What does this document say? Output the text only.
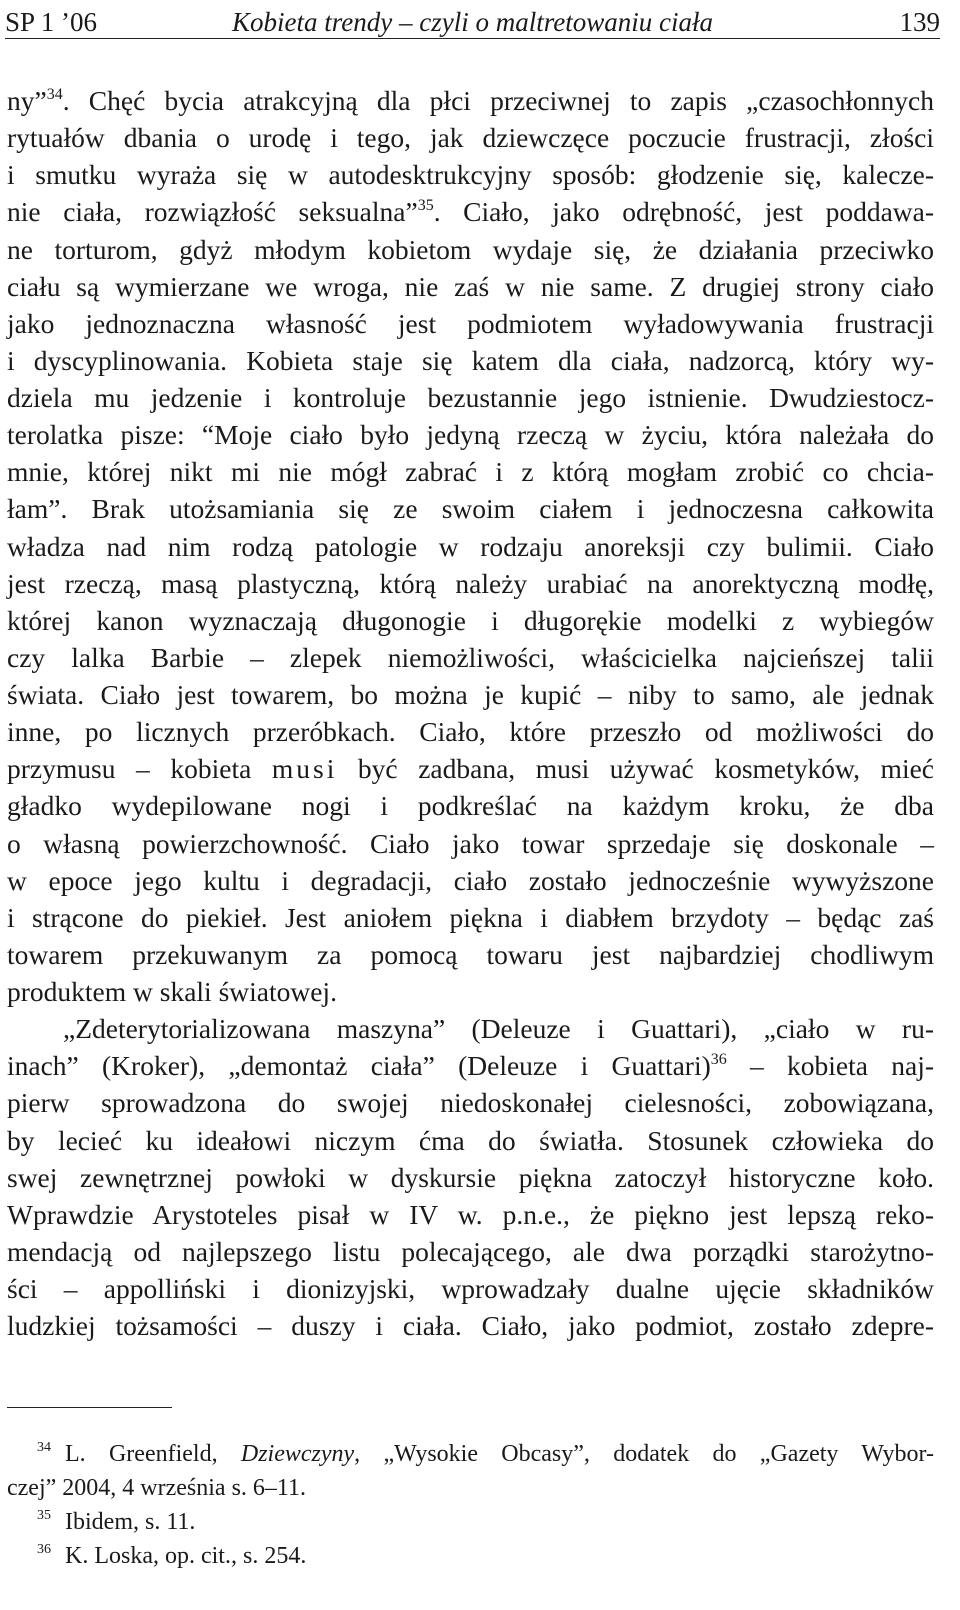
SP 1 ’06	Kobieta trendy – czyli o maltretowaniu ciała	139
ny”$^{34}$. Chęć bycia atrakcyjną dla płci przeciwnej to zapis „czasochłonnych
rytuałów dbania o urodę i tego, jak dziewczęce poczucie frustracji, złości
i smutku wyraża się w autodesktrukcyjny sposób: głodzenie się, kalecze-
nie ciała, rozwiązłość seksualna”$^{35}$. Ciało, jako odrębność, jest poddawa-
ne torturom, gdyż młodym kobietom wydaje się, że działania przeciwko
ciału są wymierzane we wroga, nie zaś w nie same. Z drugiej strony ciało
jako jednoznaczna własność jest podmiotem wyładowywania frustracji
i dyscyplinowania. Kobieta staje się katem dla ciała, nadzorcą, który wy-
dziela mu jedzenie i kontroluje bezustannie jego istnienie. Dwudziestocz-
terolatka pisze: “Moje ciało było jedyną rzeczą w życiu, która należała do
mnie, której nikt mi nie mógł zabrać i z którą mogłam zrobić co chcia-
łam”. Brak utożsamiania się ze swoim ciałem i jednoczesna całkowita
władza nad nim rodzą patologie w rodzaju anoreksji czy bulimii. Ciało
jest rzeczą, masą plastyczną, którą należy urabiać na anorektyczną modłę,
której kanon wyznaczają długonogie i długorękie modelki z wybiegów
czy lalka Barbie – zlepek niemożliwości, właścicielka najcieńszej talii
świata. Ciało jest towarem, bo można je kupić – niby to samo, ale jednak
inne, po licznych przeróbkach. Ciało, które przeszło od możliwości do
przymusu – kobieta musi być zadbana, musi używać kosmetyków, mieć
gładko wydepilowane nogi i podkreślać na każdym kroku, że dba
o własną powierzchowność. Ciało jako towar sprzedaje się doskonale –
w epoce jego kultu i degradacji, ciało zostało jednocześnie wywyższone
i strącone do piekieł. Jest aniołem piękna i diabłem brzydoty – będąc zaś
towarem przekuwanym za pomocą towaru jest najbardziej chodliwym
produktem w skali światowej.
„Zdeterytorializowana maszyna” (Deleuze i Guattari), „ciało w ru-
inach” (Kroker), „demontaż ciała” (Deleuze i Guattari)$^{36}$ – kobieta naj-
pierw sprowadzona do swojej niedoskonałej cielesności, zobowiązana,
by lecieć ku ideałowi niczym ćma do światła. Stosunek człowieka do
swej zewnętrznej powłoki w dyskursie piękna zatoczył historyczne koło.
Wprawdzie Arystoteles pisał w IV w. p.n.e., że piękno jest lepszą reko-
mendacją od najlepszego listu polecającego, ale dwa porządki starożytno-
ści – appolliński i dionizyjski, wprowadzały dualne ujęcie składników
ludzkiej tożsamości – duszy i ciała. Ciało, jako podmiot, zostało zdepre-
$^{34}$ L. Greenfield, Dziewczyny, „Wysokie Obcasy”, dodatek do „Gazety Wybor-
czej” 2004, 4 września s. 6–11.
$^{35}$ Ibidem, s. 11.
$^{36}$ K. Loska, op. cit., s. 254.
